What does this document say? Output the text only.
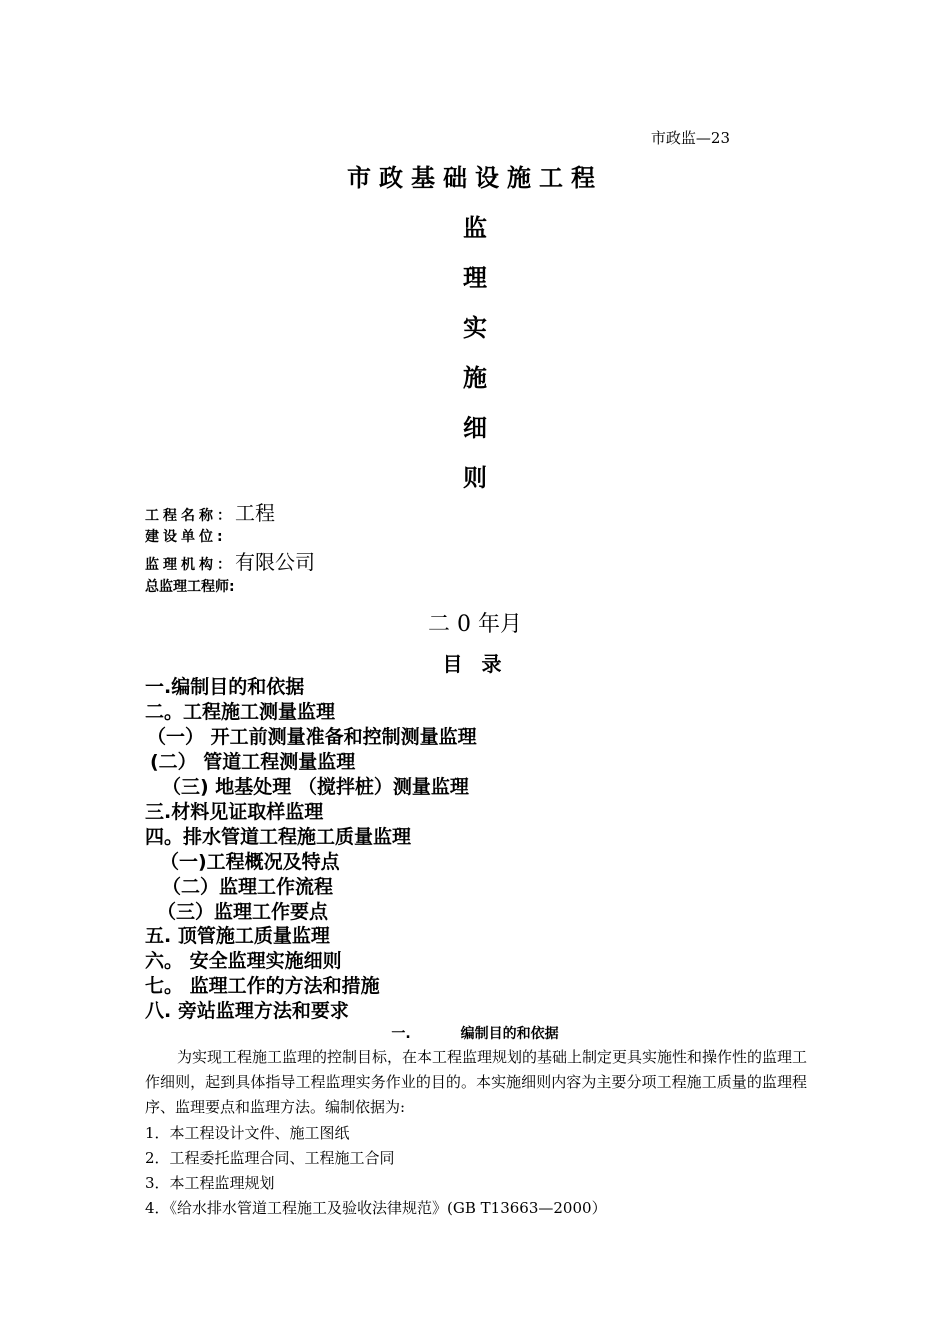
市政监—23
市政基础设施工程
监
理
实
施
细
则
工程名称：工程
建设单位:
监理机构：有限公司
总监理工程师:
二 0 年月
目 录
一.编制目的和依据
二。工程施工测量监理
（一） 开工前测量准备和控制测量监理
(二） 管道工程测量监理
（三) 地基处理 （搅拌桩）测量监理
三.材料见证取样监理
四。排水管道工程施工质量监理
（一)工程概况及特点
（二）监理工作流程
（三）监理工作要点
五. 顶管施工质量监理
六。 安全监理实施细则
七。 监理工作的方法和措施
八. 旁站监理方法和要求
一.	编制目的和依据
为实现工程施工监理的控制目标，在本工程监理规划的基础上制定更具实施性和操作性的监理工作细则，起到具体指导工程监理实务作业的目的。本实施细则内容为主要分项工程施工质量的监理程序、监理要点和监理方法。编制依据为:
1．本工程设计文件、施工图纸
2．工程委托监理合同、工程施工合同
3．本工程监理规划
4．《给水排水管道工程施工及验收法律规范》(GB T13663—2000）
